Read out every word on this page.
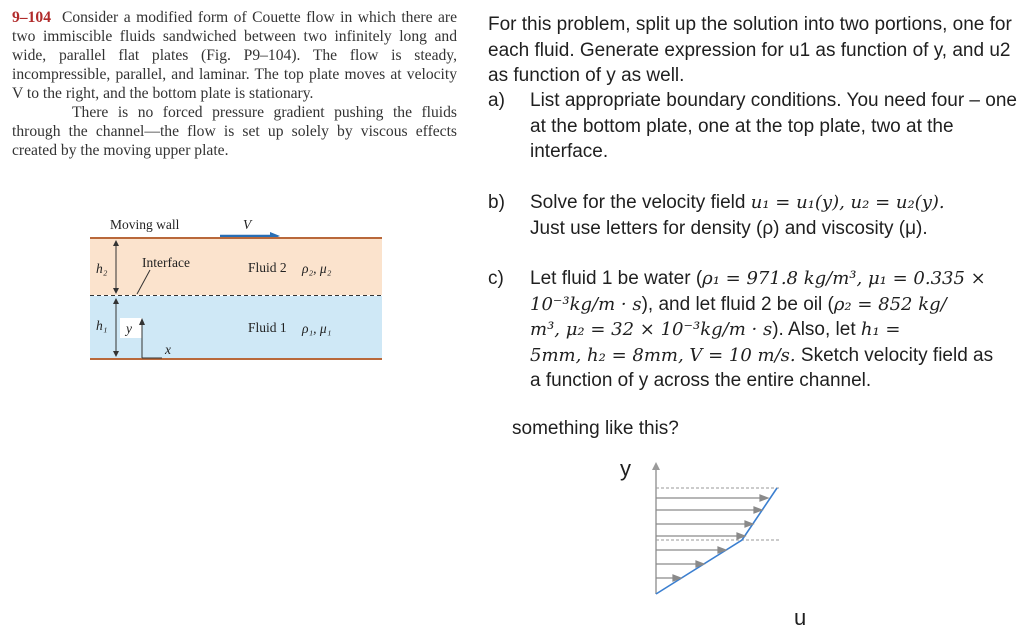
9–104 Consider a modified form of Couette flow in which there are two immiscible fluids sandwiched between two infinitely long and wide, parallel flat plates (Fig. P9–104). The flow is steady, incompressible, parallel, and laminar. The top plate moves at velocity V to the right, and the bottom plate is stationary.

There is no forced pressure gradient pushing the fluids through the channel—the flow is set up solely by viscous effects created by the moving upper plate.

Moving wall	V
Fluid 2 ρ₂, μ₂
Fluid 1 ρ₁, μ₁
Interface
h₂
h₁ y
x

For this problem, split up the solution into two portions, one for each fluid. Generate expression for u1 as function of y, and u2 as function of y as well.

a) List appropriate boundary conditions. You need four – one at the bottom plate, one at the top plate, two at the interface.
b) Solve for the velocity field u₁ = u₁(y), u₂ = u₂(y).
Just use letters for density (ρ) and viscosity (μ).
c) Let fluid 1 be water (ρ₁ = 971.8 kg/m³, μ₁ = 0.335 ×
10⁻³kg/m · s), and let fluid 2 be oil (ρ₂ = 852 kg/
m³, μ₂ = 32 × 10⁻³kg/m · s). Also, let h₁ =
5mm, h₂ = 8mm, V = 10 m/s. Sketch velocity field as
a function of y across the entire channel.
something like this?
y
u
